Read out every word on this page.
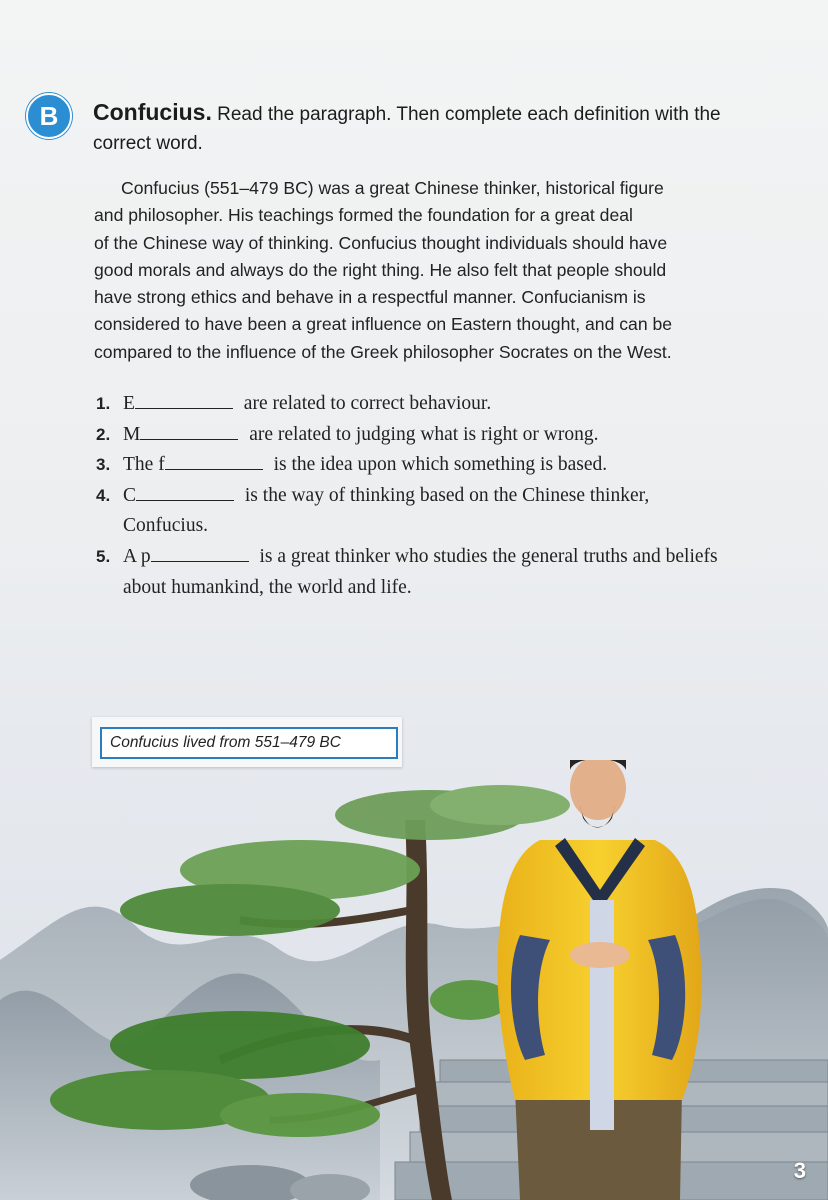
B	Confucius. Read the paragraph. Then complete each definition with the correct word.
Confucius (551–479 BC) was a great Chinese thinker, historical figure
and philosopher. His teachings formed the foundation for a great deal
of the Chinese way of thinking. Confucius thought individuals should have
good morals and always do the right thing. He also felt that people should
have strong ethics and behave in a respectful manner. Confucianism is
considered to have been a great influence on Eastern thought, and can be
compared to the influence of the Greek philosopher Socrates on the West.
1. E	are related to correct behaviour.
2. M	are related to judging what is right or wrong.
3. The f	is the idea upon which something is based.
4. C	is the way of thinking based on the Chinese thinker, Confucius.
5. A p	is a great thinker who studies the general truths and beliefs about humankind, the world and life.
Confucius lived from 551–479 BC
3
